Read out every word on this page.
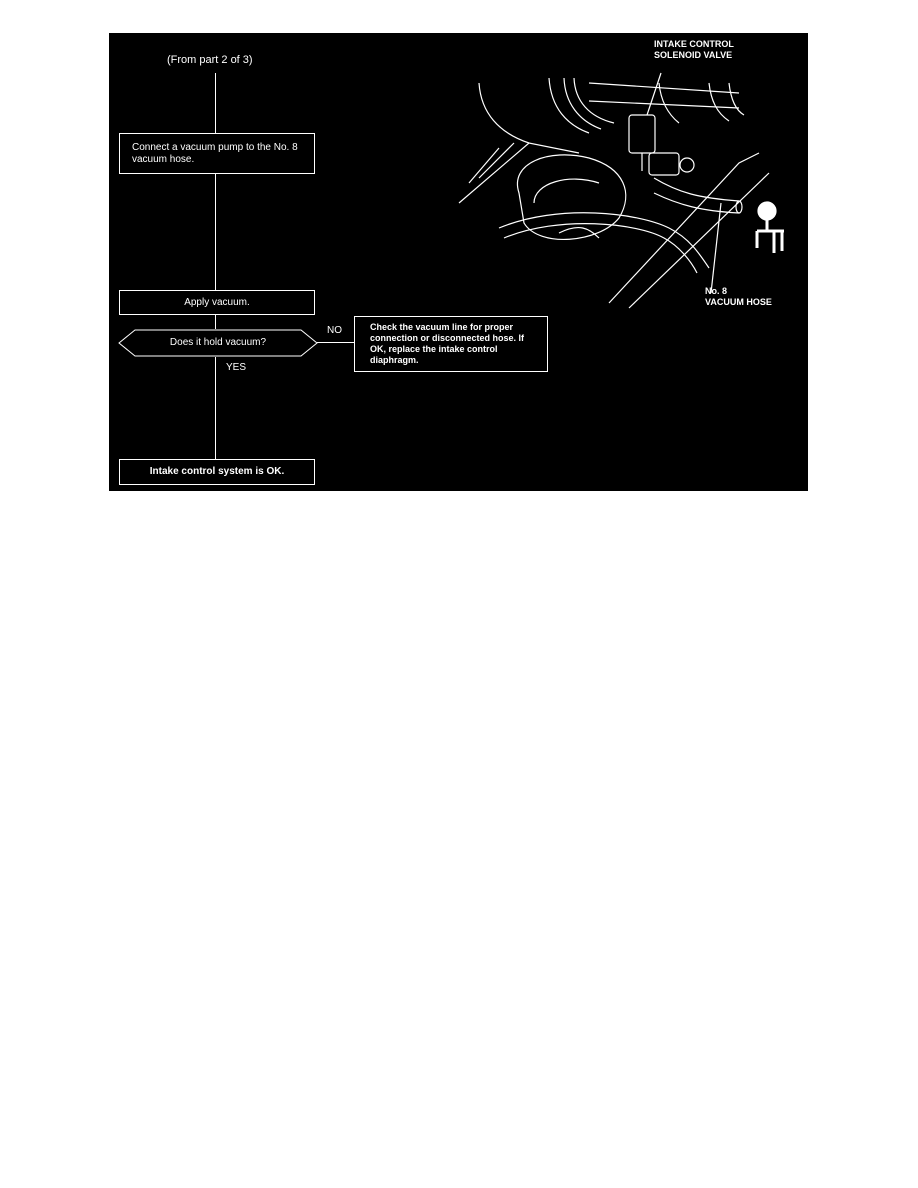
(From part 2 of 3)
Connect a vacuum pump to the No. 8 vacuum hose.
Apply vacuum.
Does it hold vacuum?
NO
YES
Check the vacuum line for proper connection or disconnected hose. If OK, replace the intake control diaphragm.
Intake control system is OK.
INTAKE CONTROL SOLENOID VALVE
No. 8
VACUUM HOSE
